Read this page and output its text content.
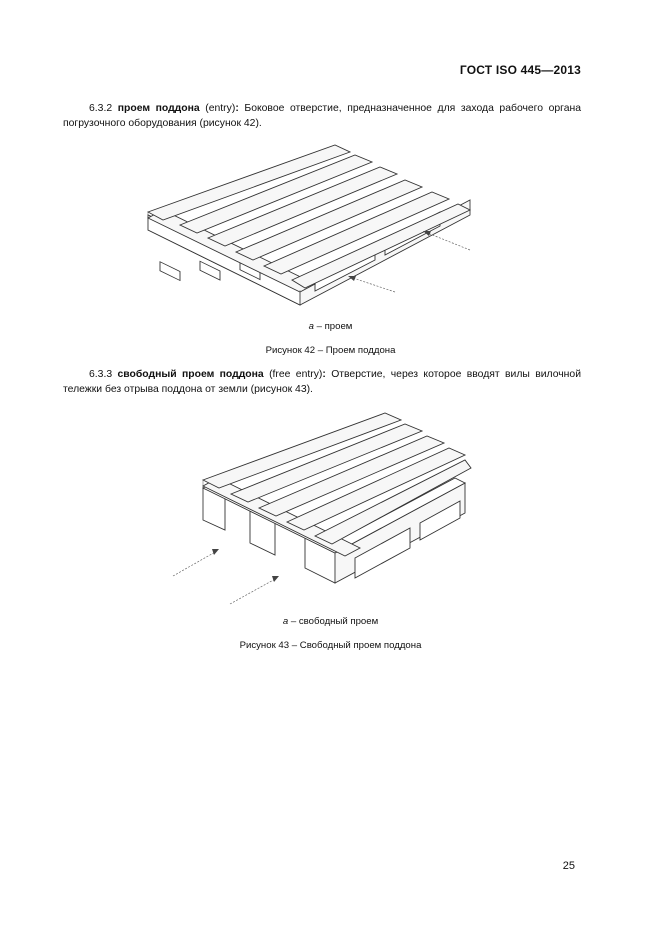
ГОСТ ISO 445—2013
6.3.2 проем поддона (entry): Боковое отверстие, предназначенное для захода рабочего органа погрузочного оборудования (рисунок 42).
а – проем
Рисунок 42 – Проем поддона
6.3.3 свободный проем поддона (free entry): Отверстие, через которое вводят вилы вилочной тележки без отрыва поддона от земли (рисунок 43).
а – свободный проем
Рисунок 43 – Свободный проем поддона
25
